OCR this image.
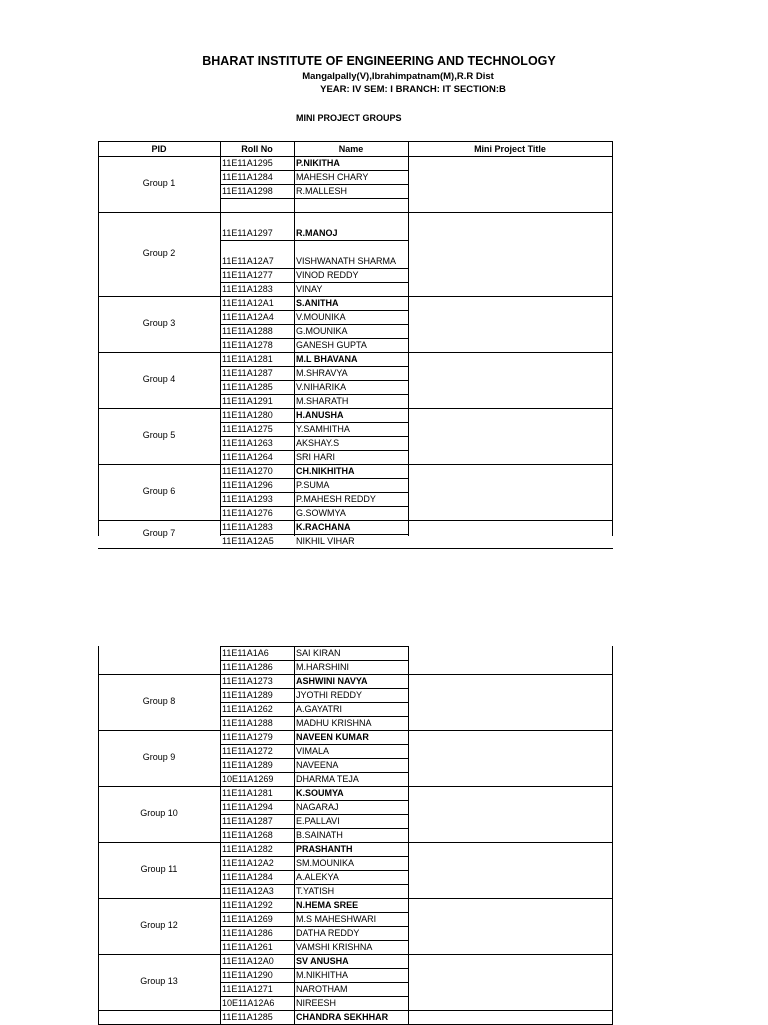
BHARAT INSTITUTE OF ENGINEERING AND TECHNOLOGY
Mangalpally(V),Ibrahimpatnam(M),R.R Dist
YEAR: IV SEM: I BRANCH: IT SECTION:B
MINI PROJECT GROUPS
PID	Roll No	Name	Mini Project Title
11E11A1295	P.NIKITHA
11E11A1284	MAHESH CHARY
11E11A1298	R.MALLESH
Group 1
11E11A1297	R.MANOJ
11E11A12A7	VISHWANATH SHARMA
11E11A1277	VINOD REDDY
11E11A1283	VINAY
Group 2
11E11A12A1	S.ANITHA
11E11A12A4	V.MOUNIKA
11E11A1288	G.MOUNIKA
11E11A1278	GANESH GUPTA
Group 3
11E11A1281	M.L BHAVANA
11E11A1287	M.SHRAVYA
11E11A1285	V.NIHARIKA
11E11A1291	M.SHARATH
Group 4
11E11A1280	H.ANUSHA
11E11A1275	Y.SAMHITHA
11E11A1263	AKSHAY.S
11E11A1264	SRI HARI
Group 5
11E11A1270	CH.NIKHITHA
11E11A1296	P.SUMA
11E11A1293	P.MAHESH REDDY
11E11A1276	G.SOWMYA
Group 6
11E11A1283	K.RACHANA
11E11A12A5	NIKHIL VIHAR
Group 7
11E11A1A6	SAI KIRAN
11E11A1286	M.HARSHINI
11E11A1273	ASHWINI NAVYA
11E11A1289	JYOTHI REDDY
11E11A1262	A.GAYATRI
11E11A1288	MADHU KRISHNA
Group 8
11E11A1279	NAVEEN KUMAR
11E11A1272	VIMALA
11E11A1289	NAVEENA
10E11A1269	DHARMA TEJA
Group 9
11E11A1281	K.SOUMYA
11E11A1294	NAGARAJ
11E11A1287	E.PALLAVI
11E11A1268	B.SAINATH
Group 10
11E11A1282	PRASHANTH
11E11A12A2	SM.MOUNIKA
11E11A1284	A.ALEKYA
11E11A12A3	T.YATISH
Group 11
11E11A1292	N.HEMA SREE
11E11A1269	M.S MAHESHWARI
11E11A1286	DATHA REDDY
11E11A1261	VAMSHI KRISHNA
Group 12
11E11A12A0	SV ANUSHA
11E11A1290	M.NIKHITHA
11E11A1271	NAROTHAM
10E11A12A6	NIREESH
Group 13
11E11A1285	CHANDRA SEKHHAR
